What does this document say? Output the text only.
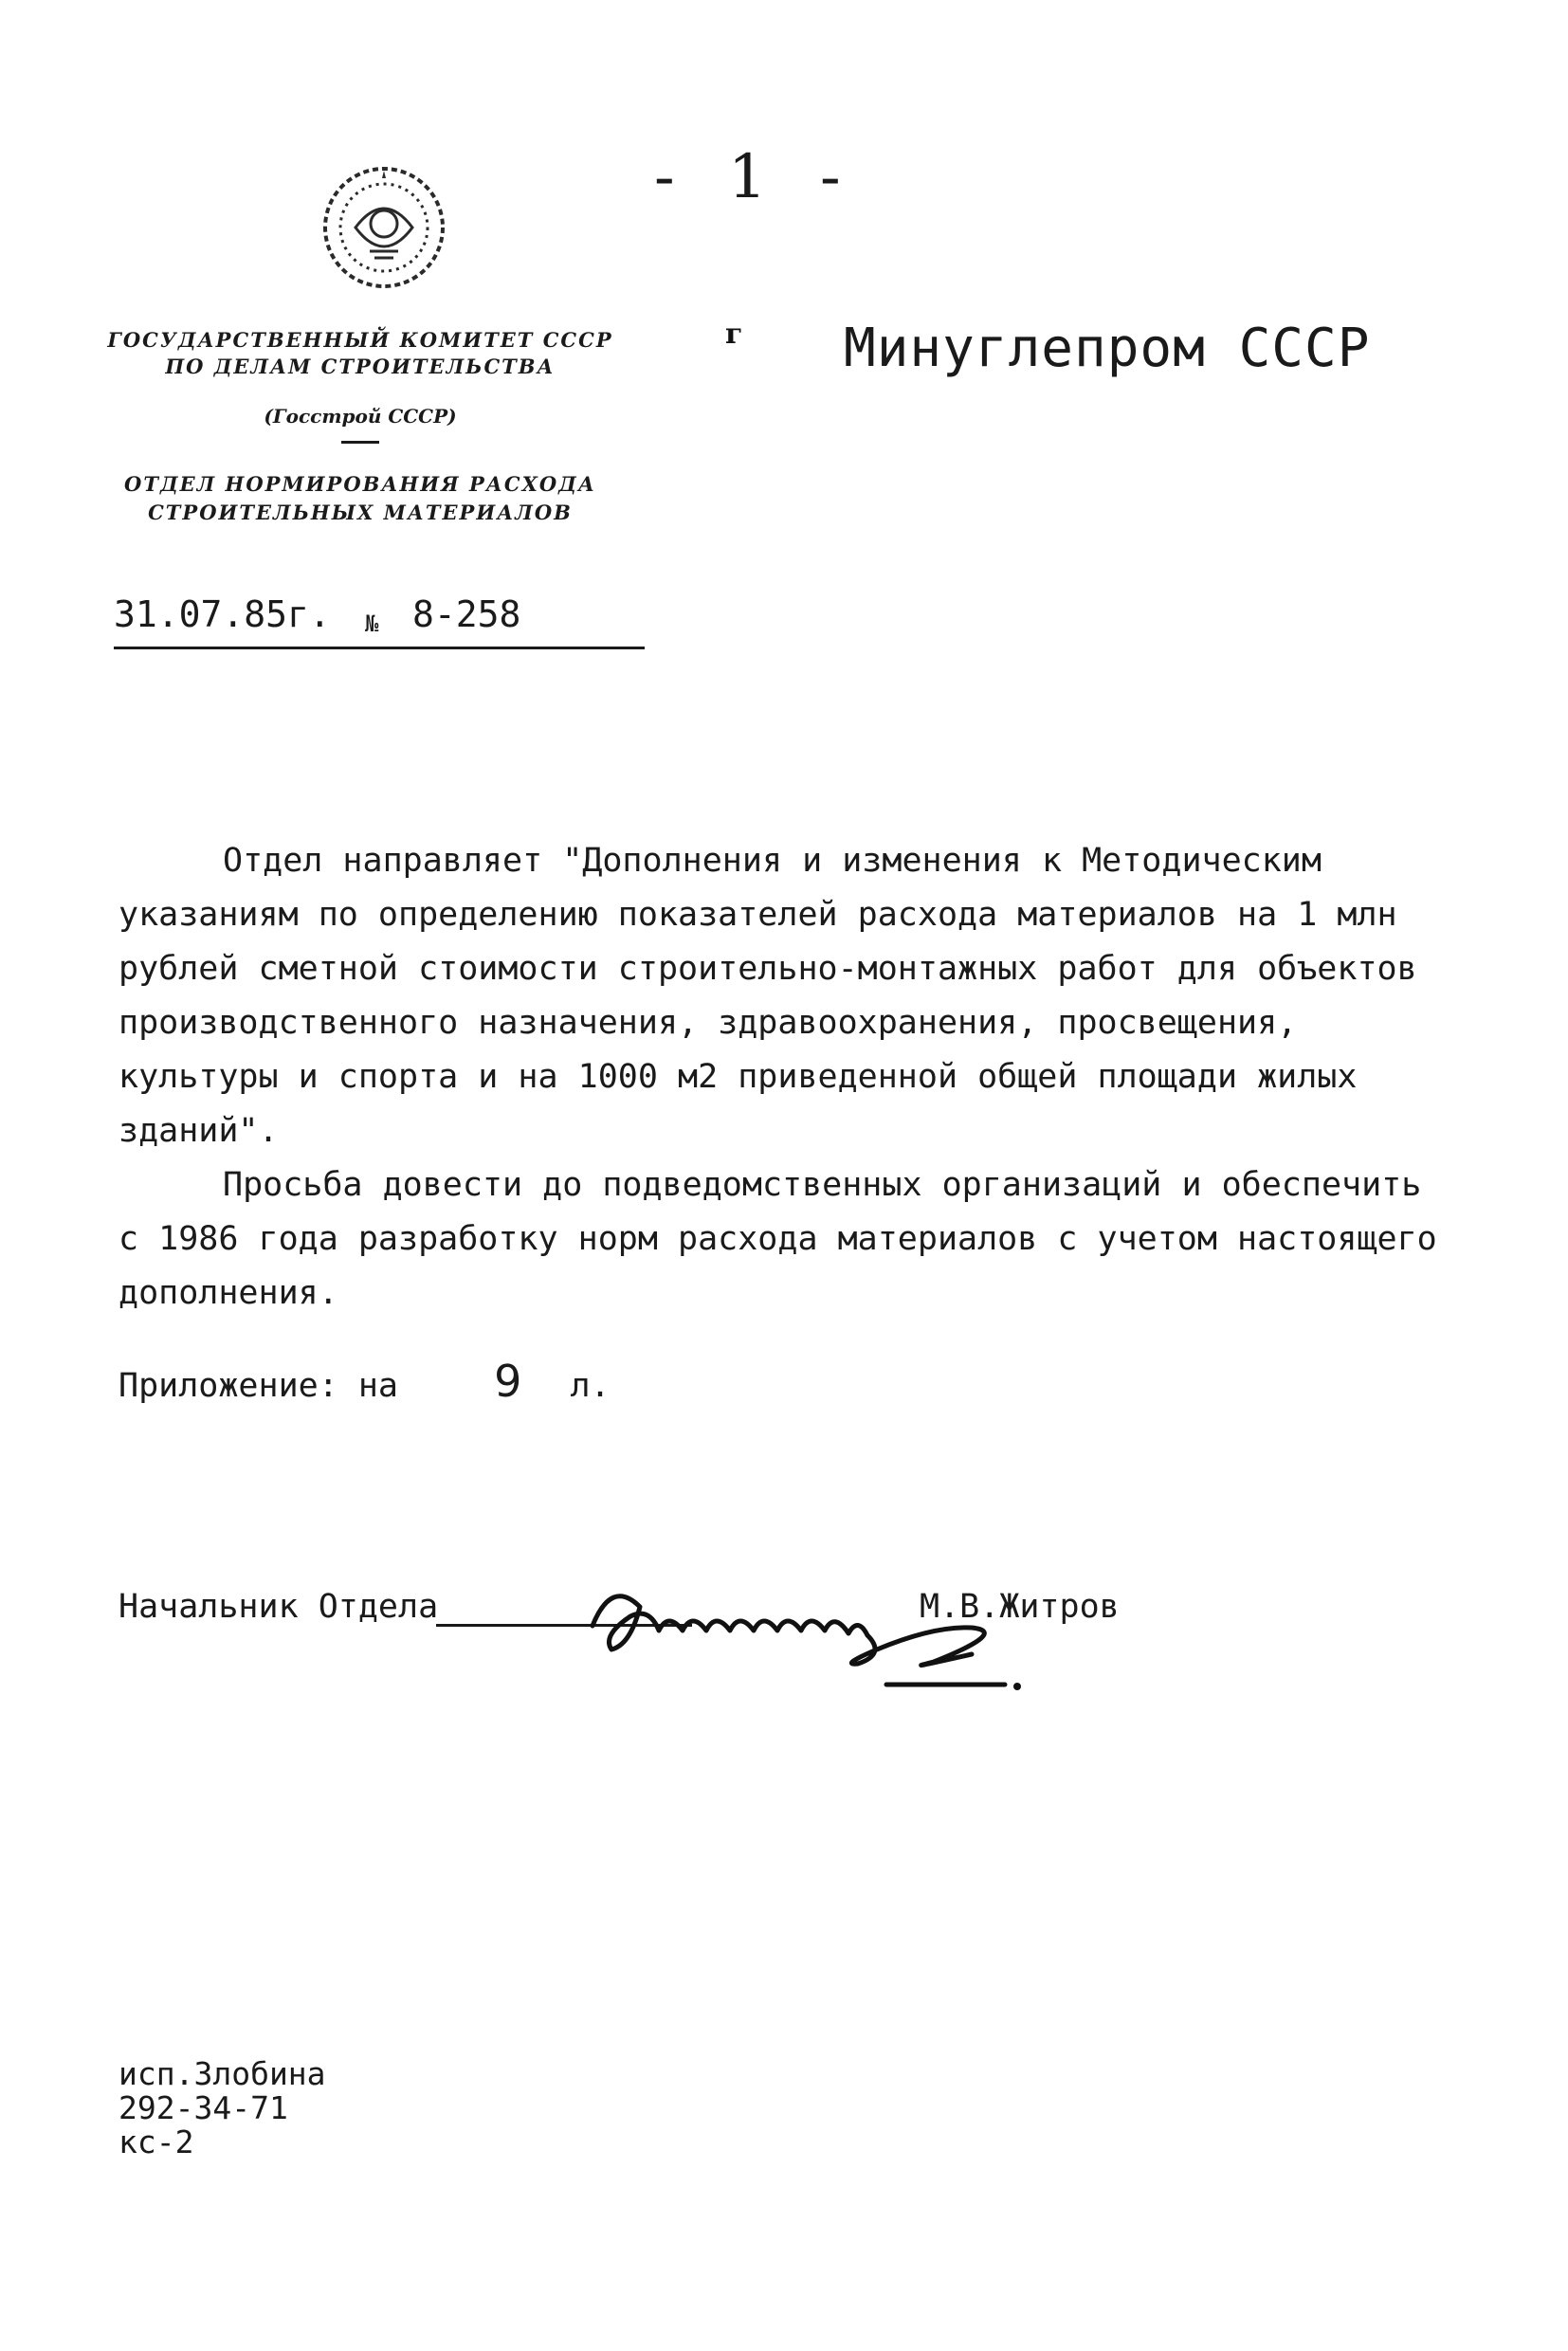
- 1 -
ГОСУДАРСТВЕННЫЙ КОМИТЕТ СССР
ПО ДЕЛАМ СТРОИТЕЛЬСТВА
(Госстрой СССР)
ОТДЕЛ НОРМИРОВАНИЯ РАСХОДА
СТРОИТЕЛЬНЫХ МАТЕРИАЛОВ
31.07.85г. № 8-258
г Минуглепром СССР

Отдел направляет "Дополнения и изменения к Методическим указаниям по определению показателей расхода материалов на 1 млн рублей сметной стоимости строительно-монтажных работ для объектов производственного назначения, здравоохранения, просвещения, культуры и спорта и на 1000 м2 приведенной общей площади жилых зданий".

Просьба довести до подведомственных организаций и обеспечить с 1986 года разработку норм расхода материалов с учетом настоящего дополнения.

Приложение: на 9 л.
Начальник Отдела	М.В.Житров
исп.Злобина
292-34-71
кс-2
